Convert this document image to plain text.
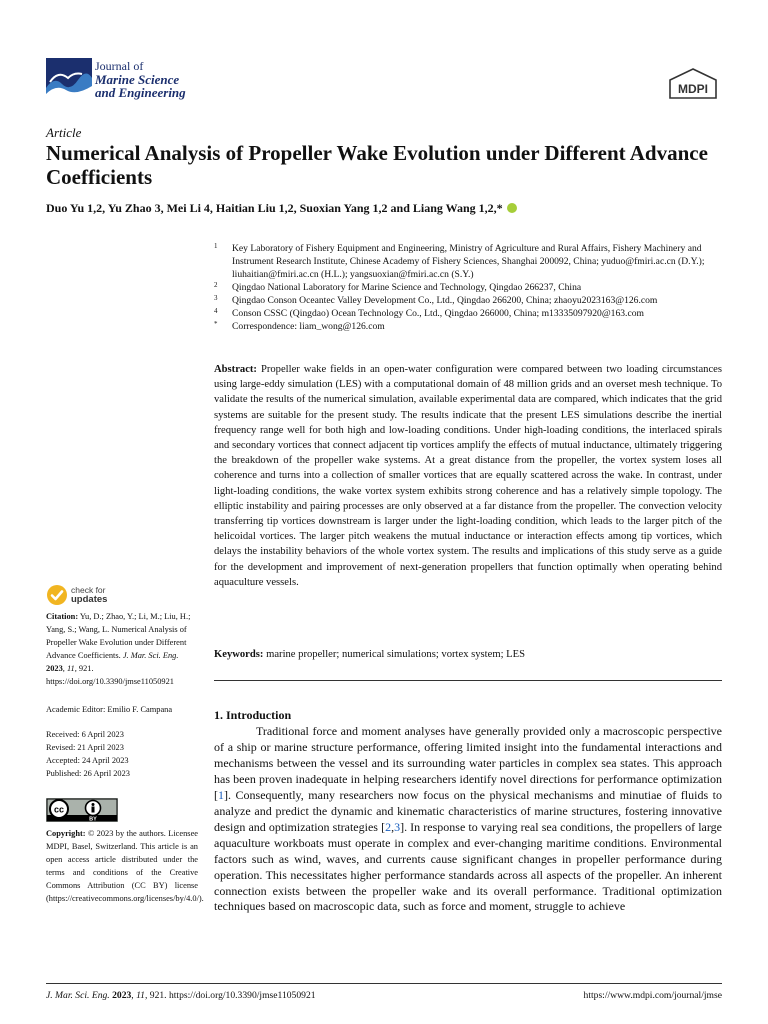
Journal of
Marine Science
and Engineering	MDPI
Article
Numerical Analysis of Propeller Wake Evolution under Different Advance Coefficients
Duo Yu 1,2, Yu Zhao 3, Mei Li 4, Haitian Liu 1,2, Suoxian Yang 1,2 and Liang Wang 1,2,*
1 Key Laboratory of Fishery Equipment and Engineering, Ministry of Agriculture and Rural Affairs, Fishery Machinery and Instrument Research Institute, Chinese Academy of Fishery Sciences, Shanghai 200092, China; yuduo@fmiri.ac.cn (D.Y.); liuhaitian@fmiri.ac.cn (H.L.); yangsuoxian@fmiri.ac.cn (S.Y.)
2 Qingdao National Laboratory for Marine Science and Technology, Qingdao 266237, China
3 Qingdao Conson Oceantec Valley Development Co., Ltd., Qingdao 266200, China; zhaoyu2023163@126.com
4 Conson CSSC (Qingdao) Ocean Technology Co., Ltd., Qingdao 266000, China; m13335097920@163.com
* Correspondence: liam_wong@126.com
Abstract: Propeller wake fields in an open-water configuration were compared between two loading circumstances using large-eddy simulation (LES) with a computational domain of 48 million grids and an overset mesh technique. To validate the results of the numerical simulation, available experimental data are compared, which indicates that the grid systems are suitable for the present study. The results indicate that the present LES simulations describe the inertial frequency range well for both high and low-loading conditions. Under high-loading conditions, the interlaced spirals and secondary vortices that connect adjacent tip vortices amplify the effects of mutual inductance, ultimately triggering the breakdown of the propeller wake systems. At a great distance from the propeller, the vortex system loses all coherence and turns into a collection of smaller vortices that are equally scattered across the wake. In contrast, under light-loading conditions, the wake vortex system exhibits strong coherence and has a relatively simple topology. The elliptic instability and pairing processes are only observed at a far distance from the propeller. The convection velocity transferring tip vortices downstream is larger under the light-loading condition, which leads to the larger pitch of the helicoidal vortices. The larger pitch weakens the mutual inductance or interaction effects among tip vortices, which delays the instability behaviors of the whole vortex system. The results and implications of this study serve as a guide for the development and improvement of next-generation propellers that function optimally when operating behind aquaculture vessels.
Keywords: marine propeller; numerical simulations; vortex system; LES
1. Introduction
Traditional force and moment analyses have generally provided only a macroscopic perspective of a ship or marine structure performance, offering limited insight into the fundamental interactions and mechanisms between the vessel and its surrounding water particles in complex sea states. This approach has been proven inadequate in helping researchers identify novel directions for performance optimization [1]. Consequently, many researchers now focus on the physical mechanisms and minutiae of fluids to analyze and predict the dynamic and kinematic characteristics of marine structures, fostering innovative design and optimization strategies [2,3]. In response to varying real sea conditions, the propellers of large aquaculture workboats must operate in complex and ever-changing maritime conditions. Environmental factors such as wind, waves, and currents cause significant changes in propeller performance during operation. This necessitates higher performance standards across all aspects of the propeller. An inherent connection exists between the propeller wake and its overall performance. Traditional optimization techniques based on macroscopic data, such as force and moment, struggle to achieve
check for
updates
Citation: Yu, D.; Zhao, Y.; Li, M.; Liu, H.; Yang, S.; Wang, L. Numerical Analysis of Propeller Wake Evolution under Different Advance Coefficients. J. Mar. Sci. Eng. 2023, 11, 921. https://doi.org/10.3390/jmse11050921
Academic Editor: Emilio F. Campana
Received: 6 April 2023
Revised: 21 April 2023
Accepted: 24 April 2023
Published: 26 April 2023
cc
BY
Copyright: © 2023 by the authors. Licensee MDPI, Basel, Switzerland. This article is an open access article distributed under the terms and conditions of the Creative Commons Attribution (CC BY) license (https://creativecommons.org/licenses/by/4.0/).
J. Mar. Sci. Eng. 2023, 11, 921. https://doi.org/10.3390/jmse11050921	https://www.mdpi.com/journal/jmse
